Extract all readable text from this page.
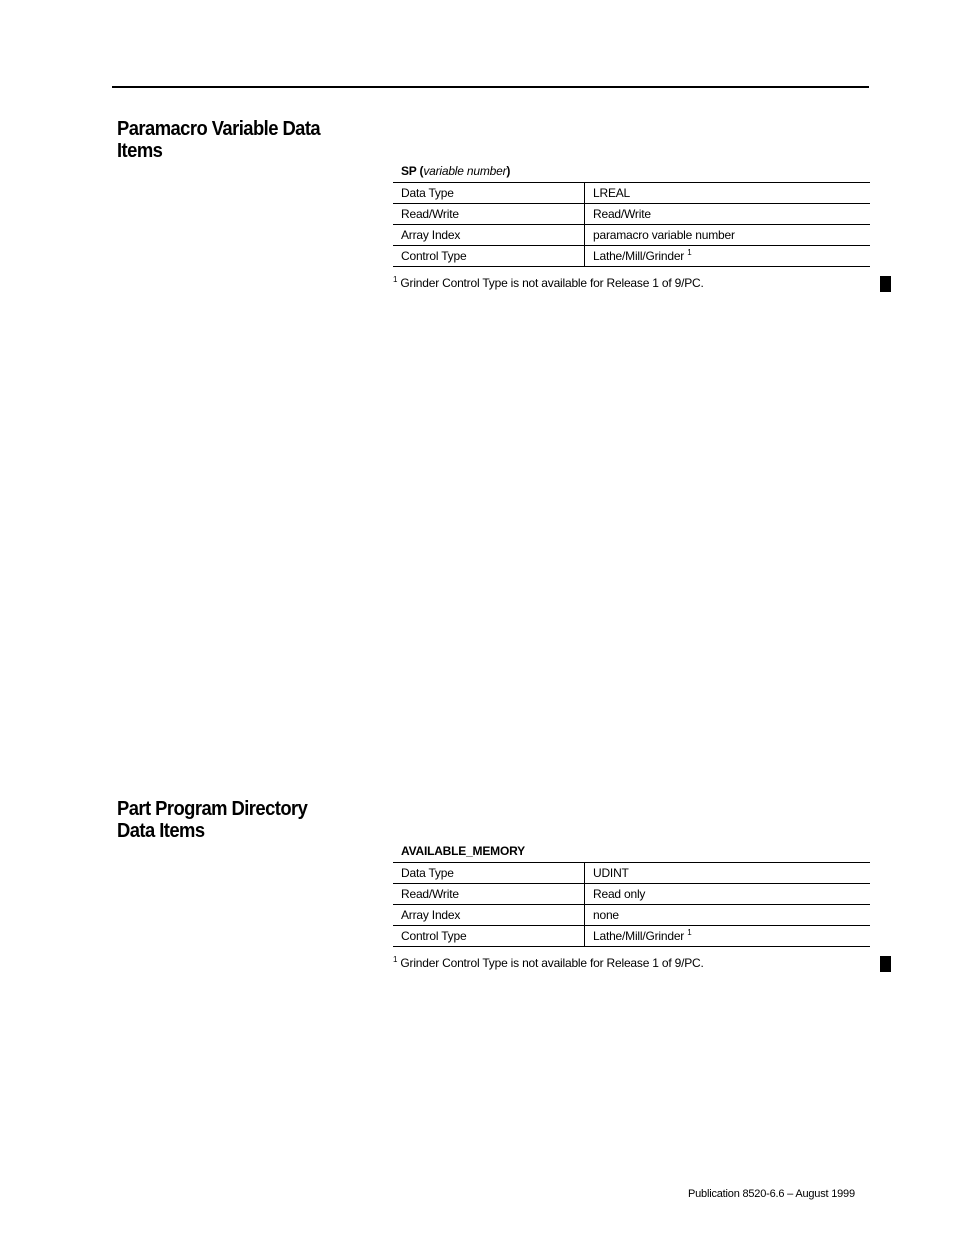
Paramacro Variable Data
Items
SP (variable number)
Data Type	LREAL
Read/Write	Read/Write
Array Index	paramacro variable number
Control Type	Lathe/Mill/Grinder $^1$
$^1$ Grinder Control Type is not available for Release 1 of 9/PC.
Part Program Directory
Data Items
AVAILABLE_MEMORY
Data Type	UDINT
Read/Write	Read only
Array Index	none
Control Type	Lathe/Mill/Grinder $^1$
$^1$ Grinder Control Type is not available for Release 1 of 9/PC.
Publication 8520-6.6 – August 1999
